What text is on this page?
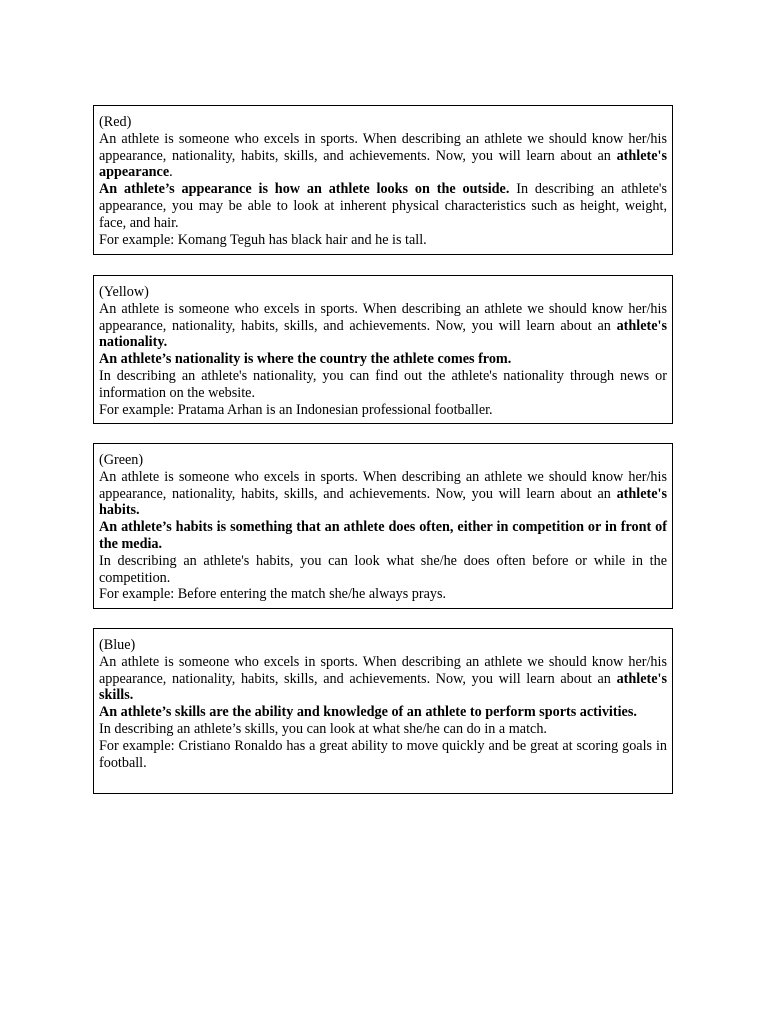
(Red)

An athlete is someone who excels in sports. When describing an athlete we should know her/his appearance, nationality, habits, skills, and achievements. Now, you will learn about an athlete's appearance.

An athlete’s appearance is how an athlete looks on the outside. In describing an athlete's appearance, you may be able to look at inherent physical characteristics such as height, weight, face, and hair.

For example: Komang Teguh has black hair and he is tall.

(Yellow)

An athlete is someone who excels in sports. When describing an athlete we should know her/his appearance, nationality, habits, skills, and achievements. Now, you will learn about an athlete's nationality.

An athlete’s nationality is where the country the athlete comes from.

In describing an athlete's nationality, you can find out the athlete's nationality through news or information on the website.

For example: Pratama Arhan is an Indonesian professional footballer.

(Green)

An athlete is someone who excels in sports. When describing an athlete we should know her/his appearance, nationality, habits, skills, and achievements. Now, you will learn about an athlete's habits.

An athlete’s habits is something that an athlete does often, either in competition or in front of the media.

In describing an athlete's habits, you can look what she/he does often before or while in the competition.

For example: Before entering the match she/he always prays.

(Blue)

An athlete is someone who excels in sports. When describing an athlete we should know her/his appearance, nationality, habits, skills, and achievements. Now, you will learn about an athlete's skills.

An athlete’s skills are the ability and knowledge of an athlete to perform sports activities.

In describing an athlete’s skills, you can look at what she/he can do in a match.

For example: Cristiano Ronaldo has a great ability to move quickly and be great at scoring goals in football.
